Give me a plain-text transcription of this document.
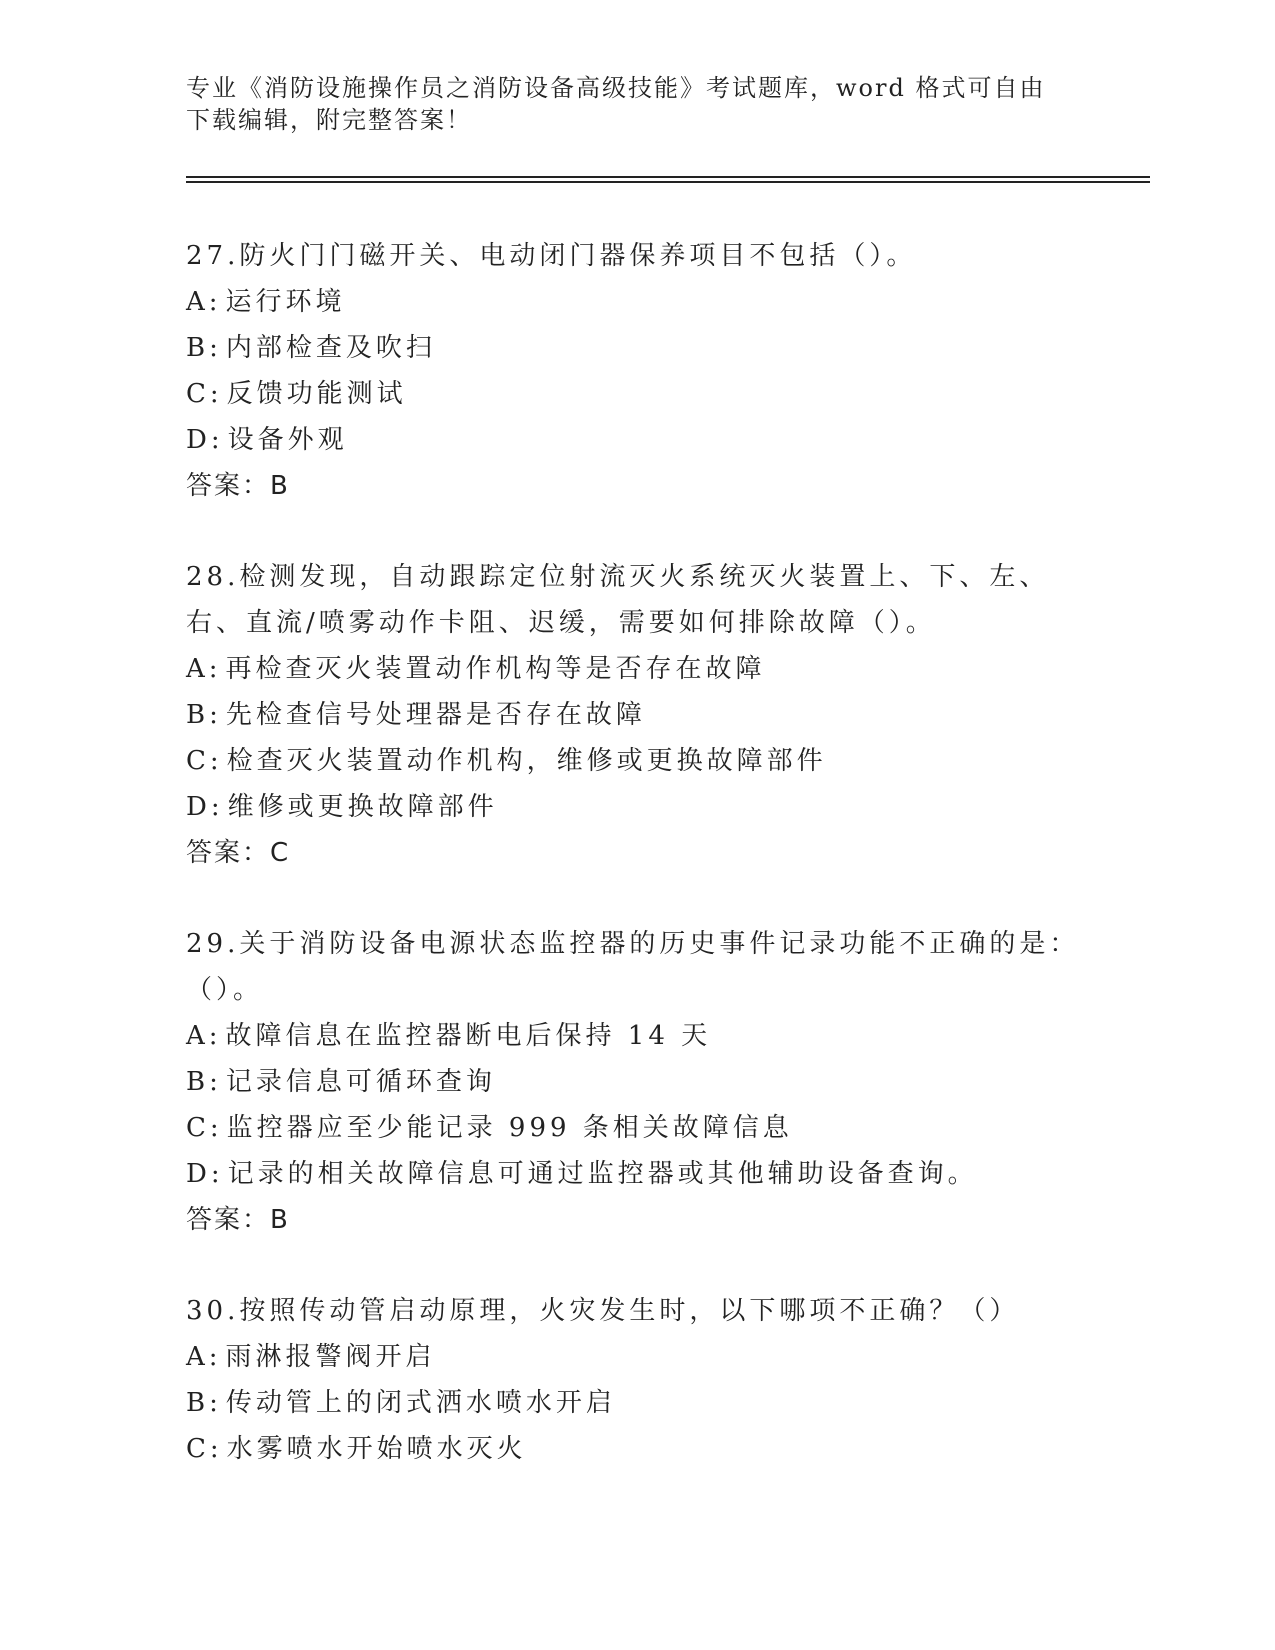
专业《消防设施操作员之消防设备高级技能》考试题库，word 格式可自由下载编辑，附完整答案！
27.防火门门磁开关、电动闭门器保养项目不包括（）。
A: 运行环境
B: 内部检查及吹扫
C: 反馈功能测试
D: 设备外观
答案：B
28.检测发现，自动跟踪定位射流灭火系统灭火装置上、下、左、右、直流/喷雾动作卡阻、迟缓，需要如何排除故障（）。
A: 再检查灭火装置动作机构等是否存在故障
B: 先检查信号处理器是否存在故障
C: 检查灭火装置动作机构，维修或更换故障部件
D: 维修或更换故障部件
答案：C
29.关于消防设备电源状态监控器的历史事件记录功能不正确的是：（）。
A: 故障信息在监控器断电后保持 14 天
B: 记录信息可循环查询
C: 监控器应至少能记录 999 条相关故障信息
D: 记录的相关故障信息可通过监控器或其他辅助设备查询。
答案：B
30.按照传动管启动原理，火灾发生时，以下哪项不正确？（）
A: 雨淋报警阀开启
B: 传动管上的闭式洒水喷水开启
C: 水雾喷水开始喷水灭火
